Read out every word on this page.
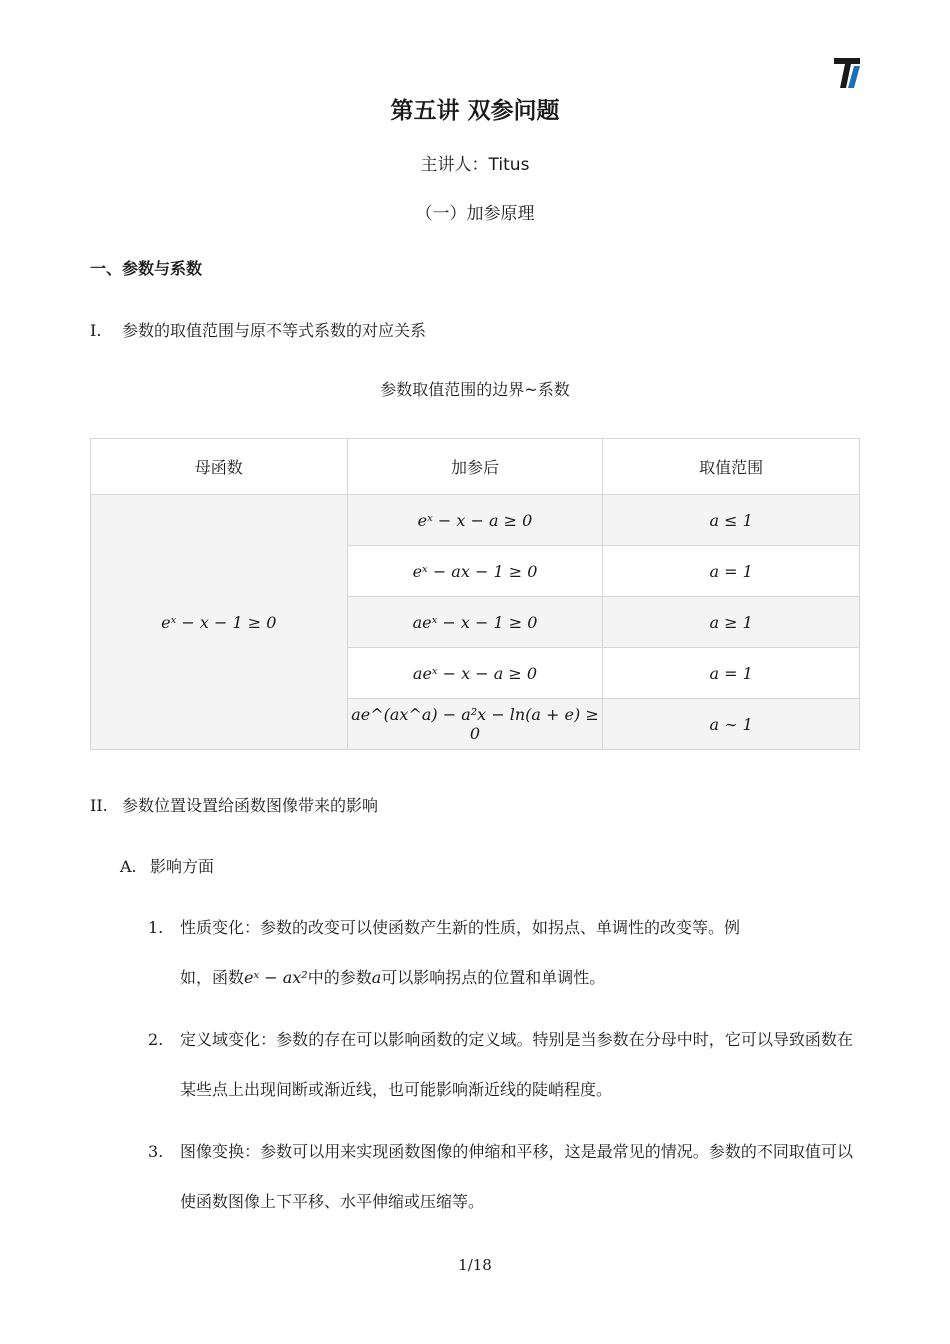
第五讲 双参问题
主讲人：Titus
（一）加参原理
一、参数与系数
I. 参数的取值范围与原不等式系数的对应关系
参数取值范围的边界~系数
母函数	加参后	取值范围
eˣ − x − 1 ≥ 0	eˣ − x − a ≥ 0	a ≤ 1
	eˣ − ax − 1 ≥ 0	a = 1
	aeˣ − x − 1 ≥ 0	a ≥ 1
	aeˣ − x − a ≥ 0	a = 1
	ae^(ax^a) − a²x − ln(a + e) ≥ 0	a ∼ 1
II. 参数位置设置给函数图像带来的影响
A. 影响方面
1. 性质变化：参数的改变可以使函数产生新的性质，如拐点、单调性的改变等。例
如，函数eˣ − ax²中的参数a可以影响拐点的位置和单调性。
2. 定义域变化：参数的存在可以影响函数的定义域。特别是当参数在分母中时，它可以导致函数在某些点上出现间断或渐近线，也可能影响渐近线的陡峭程度。
3. 图像变换：参数可以用来实现函数图像的伸缩和平移，这是最常见的情况。参数的不同取值可以使函数图像上下平移、水平伸缩或压缩等。
1/18
